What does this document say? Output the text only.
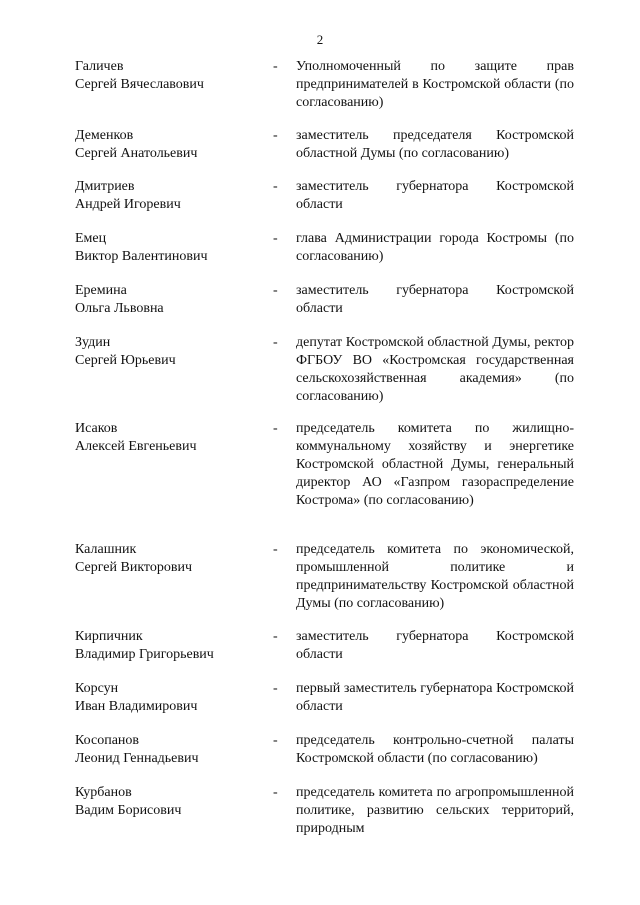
2
Галичев
Сергей Вячеславович
- Уполномоченный по защите прав предпринимателей в Костромской области (по согласованию)
Деменков
Сергей Анатольевич
- заместитель председателя Костромской областной Думы (по согласованию)
Дмитриев
Андрей Игоревич
- заместитель губернатора Костромской области
Емец
Виктор Валентинович
- глава Администрации города Костромы (по согласованию)
Еремина
Ольга Львовна
- заместитель губернатора Костромской области
Зудин
Сергей Юрьевич
- депутат Костромской областной Думы, ректор ФГБОУ ВО «Костромская государственная сельскохозяйственная академия» (по согласованию)
Исаков
Алексей Евгеньевич
- председатель комитета по жилищно-коммунальному хозяйству и энергетике Костромской областной Думы, генеральный директор АО «Газпром газораспределение Кострома» (по согласованию)
Калашник
Сергей Викторович
- председатель комитета по экономической, промышленной политике и предпринимательству Костромской областной Думы (по согласованию)
Кирпичник
Владимир Григорьевич
- заместитель губернатора Костромской области
Корсун
Иван Владимирович
- первый заместитель губернатора Костромской области
Косопанов
Леонид Геннадьевич
- председатель контрольно-счетной палаты Костромской области (по согласованию)
Курбанов
Вадим Борисович
- председатель комитета по агропромышленной политике, развитию сельских территорий, природным
